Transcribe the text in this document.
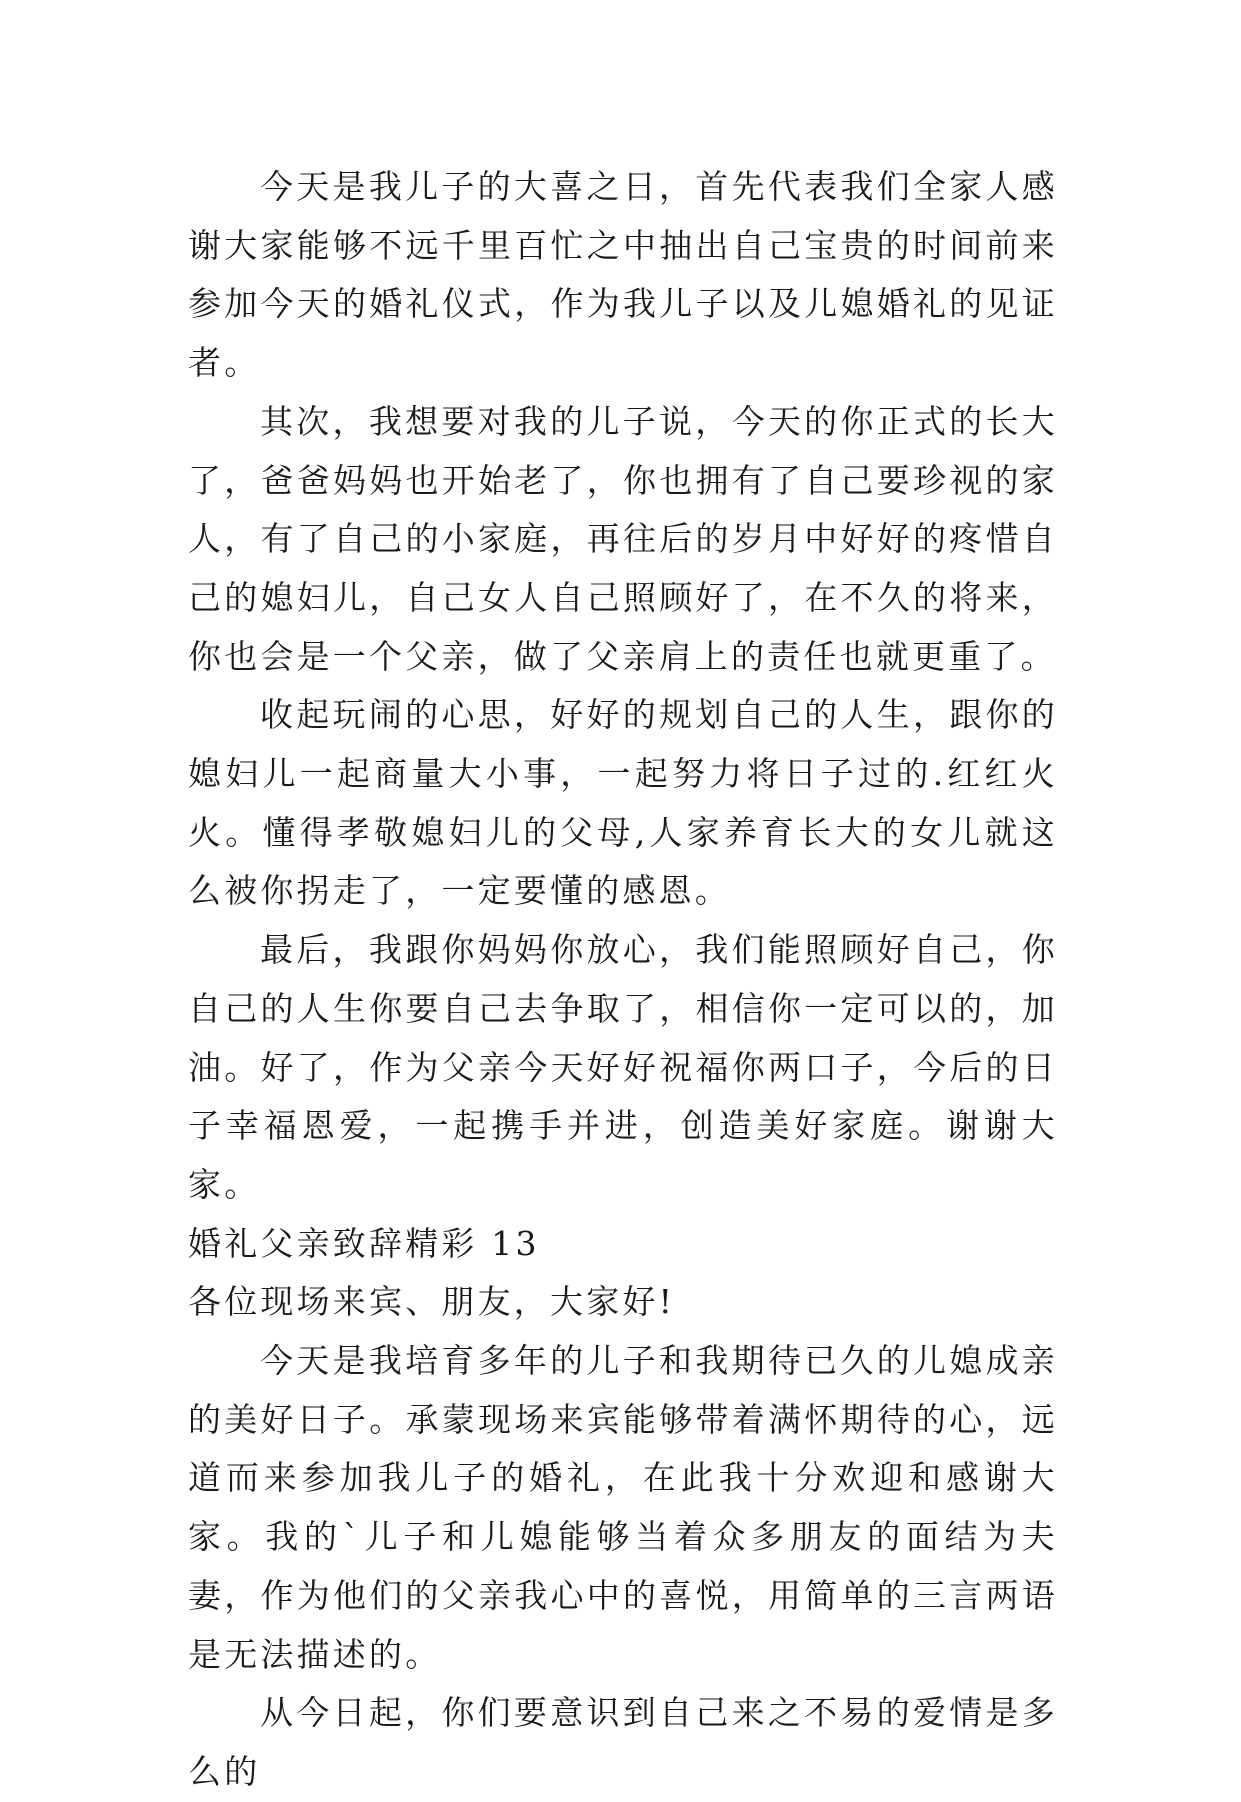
今天是我儿子的大喜之日，首先代表我们全家人感谢大家能够不远千里百忙之中抽出自己宝贵的时间前来参加今天的婚礼仪式，作为我儿子以及儿媳婚礼的见证者。

其次，我想要对我的儿子说，今天的你正式的长大了，爸爸妈妈也开始老了，你也拥有了自己要珍视的家人，有了自己的小家庭，再往后的岁月中好好的疼惜自己的媳妇儿，自己女人自己照顾好了，在不久的将来，你也会是一个父亲，做了父亲肩上的责任也就更重了。

收起玩闹的心思，好好的规划自己的人生，跟你的媳妇儿一起商量大小事，一起努力将日子过的.红红火火。懂得孝敬媳妇儿的父母,人家养育长大的女儿就这么被你拐走了，一定要懂的感恩。

最后，我跟你妈妈你放心，我们能照顾好自己，你自己的人生你要自己去争取了，相信你一定可以的，加油。好了，作为父亲今天好好祝福你两口子，今后的日子幸福恩爱，一起携手并进，创造美好家庭。谢谢大家。

婚礼父亲致辞精彩 13

各位现场来宾、朋友，大家好!

今天是我培育多年的儿子和我期待已久的儿媳成亲的美好日子。承蒙现场来宾能够带着满怀期待的心，远道而来参加我儿子的婚礼，在此我十分欢迎和感谢大家。我的`儿子和儿媳能够当着众多朋友的面结为夫妻，作为他们的父亲我心中的喜悦，用简单的三言两语是无法描述的。

从今日起，你们要意识到自己来之不易的爱情是多么的
